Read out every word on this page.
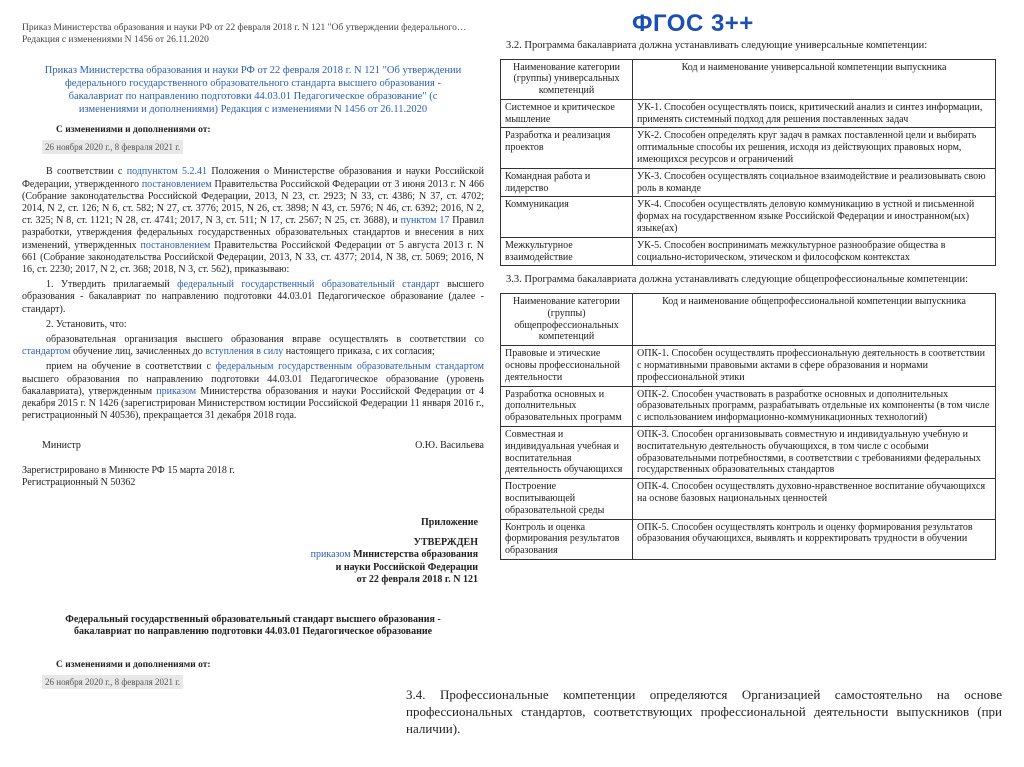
ФГОС 3++
Приказ Министерства образования и науки РФ от 22 февраля 2018 г. N 121 "Об утверждении федерального…
Редакция с изменениями N 1456 от 26.11.2020
Приказ Министерства образования и науки РФ от 22 февраля 2018 г. N 121 "Об утверждении федерального государственного образовательного стандарта высшего образования - бакалавриат по направлению подготовки 44.03.01 Педагогическое образование" (с изменениями и дополнениями) Редакция с изменениями N 1456 от 26.11.2020
С изменениями и дополнениями от:
26 ноября 2020 г., 8 февраля 2021 г.

В соответствии с подпунктом 5.2.41 Положения о Министерстве образования и науки Российской Федерации, утвержденного постановлением Правительства Российской Федерации от 3 июня 2013 г. N 466 (Собрание законодательства Российской Федерации, 2013, N 23, ст. 2923; N 33, ст. 4386; N 37, ст. 4702; 2014, N 2, ст. 126; N 6, ст. 582; N 27, ст. 3776; 2015, N 26, ст. 3898; N 43, ст. 5976; N 46, ст. 6392; 2016, N 2, ст. 325; N 8, ст. 1121; N 28, ст. 4741; 2017, N 3, ст. 511; N 17, ст. 2567; N 25, ст. 3688), и пунктом 17 Правил разработки, утверждения федеральных государственных образовательных стандартов и внесения в них изменений, утвержденных постановлением Правительства Российской Федерации от 5 августа 2013 г. N 661 (Собрание законодательства Российской Федерации, 2013, N 33, ст. 4377; 2014, N 38, ст. 5069; 2016, N 16, ст. 2230; 2017, N 2, ст. 368; 2018, N 3, ст. 562), приказываю:

1. Утвердить прилагаемый федеральный государственный образовательный стандарт высшего образования - бакалавриат по направлению подготовки 44.03.01 Педагогическое образование (далее - стандарт).

2. Установить, что:

образовательная организация высшего образования вправе осуществлять в соответствии со стандартом обучение лиц, зачисленных до вступления в силу настоящего приказа, с их согласия;

прием на обучение в соответствии с федеральным государственным образовательным стандартом высшего образования по направлению подготовки 44.03.01 Педагогическое образование (уровень бакалавриата), утвержденным приказом Министерства образования и науки Российской Федерации от 4 декабря 2015 г. N 1426 (зарегистрирован Министерством юстиции Российской Федерации 11 января 2016 г., регистрационный N 40536), прекращается 31 декабря 2018 года.

Министр	О.Ю. Васильева
Зарегистрировано в Минюсте РФ 15 марта 2018 г.
Регистрационный N 50362
Приложение
УТВЕРЖДЕН
приказом Министерства образования
и науки Российской Федерации
от 22 февраля 2018 г. N 121
Федеральный государственный образовательный стандарт высшего образования - бакалавриат по направлению подготовки 44.03.01 Педагогическое образование
С изменениями и дополнениями от:
26 ноября 2020 г., 8 февраля 2021 г.
3.2. Программа бакалавриата должна устанавливать следующие универсальные компетенции:
Наименование категории (группы) универсальных компетенций	Код и наименование универсальной компетенции выпускника
Системное и критическое мышление	УК-1. Способен осуществлять поиск, критический анализ и синтез информации, применять системный подход для решения поставленных задач
Разработка и реализация проектов	УК-2. Способен определять круг задач в рамках поставленной цели и выбирать оптимальные способы их решения, исходя из действующих правовых норм, имеющихся ресурсов и ограничений
Командная работа и лидерство	УК-3. Способен осуществлять социальное взаимодействие и реализовывать свою роль в команде
Коммуникация	УК-4. Способен осуществлять деловую коммуникацию в устной и письменной формах на государственном языке Российской Федерации и иностранном(ых) языке(ах)
Межкультурное взаимодействие	УК-5. Способен воспринимать межкультурное разнообразие общества в социально-историческом, этическом и философском контекстах
3.3. Программа бакалавриата должна устанавливать следующие общепрофессиональные компетенции:
Наименование категории (группы) общепрофессиональных компетенций	Код и наименование общепрофессиональной компетенции выпускника
Правовые и этические основы профессиональной деятельности	ОПК-1. Способен осуществлять профессиональную деятельность в соответствии с нормативными правовыми актами в сфере образования и нормами профессиональной этики
Разработка основных и дополнительных образовательных программ	ОПК-2. Способен участвовать в разработке основных и дополнительных образовательных программ, разрабатывать отдельные их компоненты (в том числе с использованием информационно-коммуникационных технологий)
Совместная и индивидуальная учебная и воспитательная деятельность обучающихся	ОПК-3. Способен организовывать совместную и индивидуальную учебную и воспитательную деятельность обучающихся, в том числе с особыми образовательными потребностями, в соответствии с требованиями федеральных государственных образовательных стандартов
Построение воспитывающей образовательной среды	ОПК-4. Способен осуществлять духовно-нравственное воспитание обучающихся на основе базовых национальных ценностей
Контроль и оценка формирования результатов образования	ОПК-5. Способен осуществлять контроль и оценку формирования результатов образования обучающихся, выявлять и корректировать трудности в обучении
3.4. Профессиональные компетенции определяются Организацией самостоятельно на основе профессиональных стандартов, соответствующих профессиональной деятельности выпускников (при наличии).
